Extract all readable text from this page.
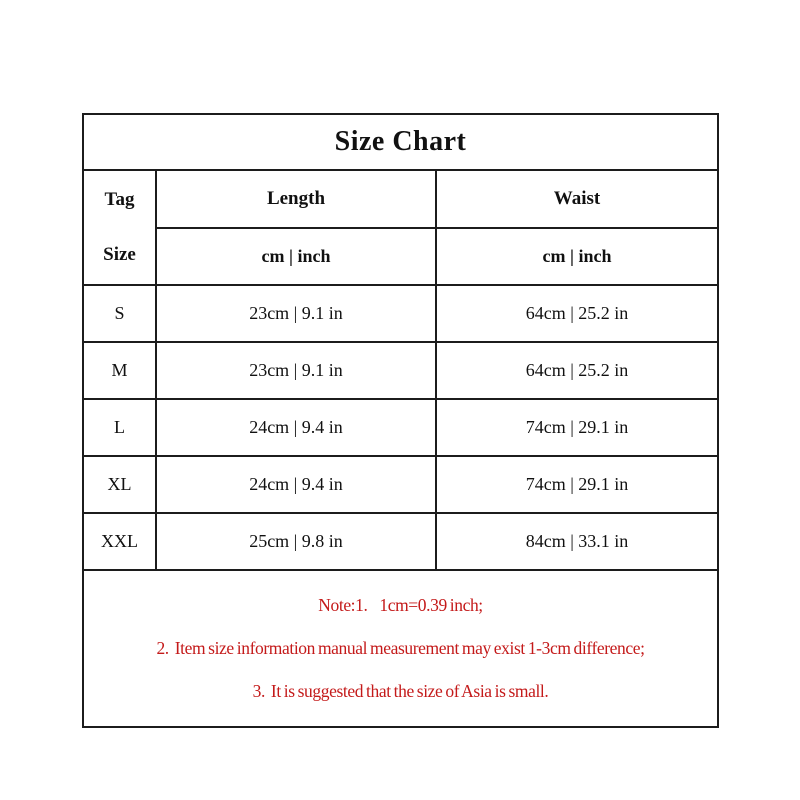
Size Chart		

Tag
Size	Length	Waist
	cm | inch	cm | inch
S	23cm | 9.1 in	64cm | 25.2 in
M	23cm | 9.1 in	64cm | 25.2 in
L	24cm | 9.4 in	74cm | 29.1 in
XL	24cm | 9.4 in	74cm | 29.1 in
XXL	25cm | 9.8 in	84cm | 33.1 in

Note:1.    1cm=0.39 inch;

2.  Item size information manual measurement may exist 1-3cm difference;

3.  It is suggested that the size of Asia is small.		
